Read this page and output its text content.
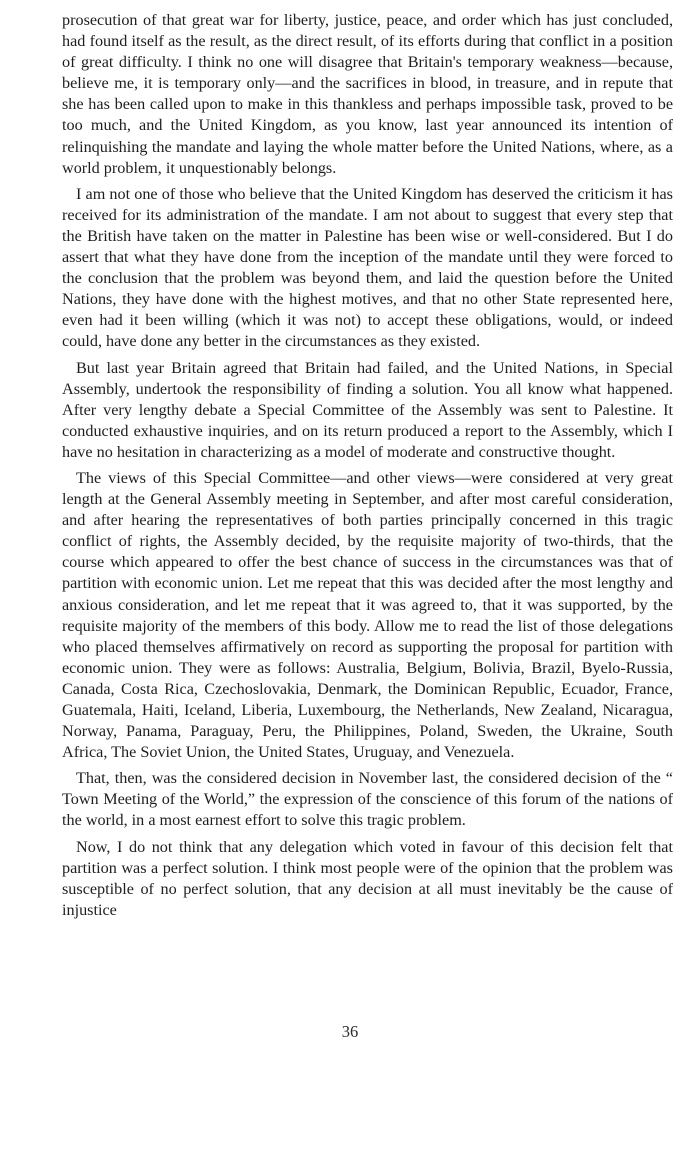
prosecution of that great war for liberty, justice, peace, and order which has just concluded, had found itself as the result, as the direct result, of its efforts during that conflict in a position of great difficulty. I think no one will disagree that Britain's temporary weakness—because, believe me, it is temporary only—and the sacrifices in blood, in treasure, and in repute that she has been called upon to make in this thankless and perhaps impossible task, proved to be too much, and the United Kingdom, as you know, last year announced its intention of relinquishing the mandate and laying the whole matter before the United Nations, where, as a world problem, it unquestionably belongs.

I am not one of those who believe that the United Kingdom has deserved the criticism it has received for its administration of the mandate. I am not about to suggest that every step that the British have taken on the matter in Palestine has been wise or well-considered. But I do assert that what they have done from the inception of the mandate until they were forced to the conclusion that the problem was beyond them, and laid the question before the United Nations, they have done with the highest motives, and that no other State represented here, even had it been willing (which it was not) to accept these obligations, would, or indeed could, have done any better in the circumstances as they existed.

But last year Britain agreed that Britain had failed, and the United Nations, in Special Assembly, undertook the responsibility of finding a solution. You all know what happened. After very lengthy debate a Special Committee of the Assembly was sent to Palestine. It conducted exhaustive inquiries, and on its return produced a report to the Assembly, which I have no hesitation in characterizing as a model of moderate and constructive thought.

The views of this Special Committee—and other views—were considered at very great length at the General Assembly meeting in September, and after most careful consideration, and after hearing the representatives of both parties principally concerned in this tragic conflict of rights, the Assembly decided, by the requisite majority of two-thirds, that the course which appeared to offer the best chance of success in the circumstances was that of partition with economic union. Let me repeat that this was decided after the most lengthy and anxious consideration, and let me repeat that it was agreed to, that it was supported, by the requisite majority of the members of this body. Allow me to read the list of those delegations who placed themselves affirmatively on record as supporting the proposal for partition with economic union. They were as follows: Australia, Belgium, Bolivia, Brazil, Byelo-Russia, Canada, Costa Rica, Czechoslovakia, Denmark, the Dominican Republic, Ecuador, France, Guatemala, Haiti, Iceland, Liberia, Luxembourg, the Netherlands, New Zealand, Nicaragua, Norway, Panama, Paraguay, Peru, the Philippines, Poland, Sweden, the Ukraine, South Africa, The Soviet Union, the United States, Uruguay, and Venezuela.

That, then, was the considered decision in November last, the considered decision of the “ Town Meeting of the World,” the expression of the conscience of this forum of the nations of the world, in a most earnest effort to solve this tragic problem.

Now, I do not think that any delegation which voted in favour of this decision felt that partition was a perfect solution. I think most people were of the opinion that the problem was susceptible of no perfect solution, that any decision at all must inevitably be the cause of injustice

36
